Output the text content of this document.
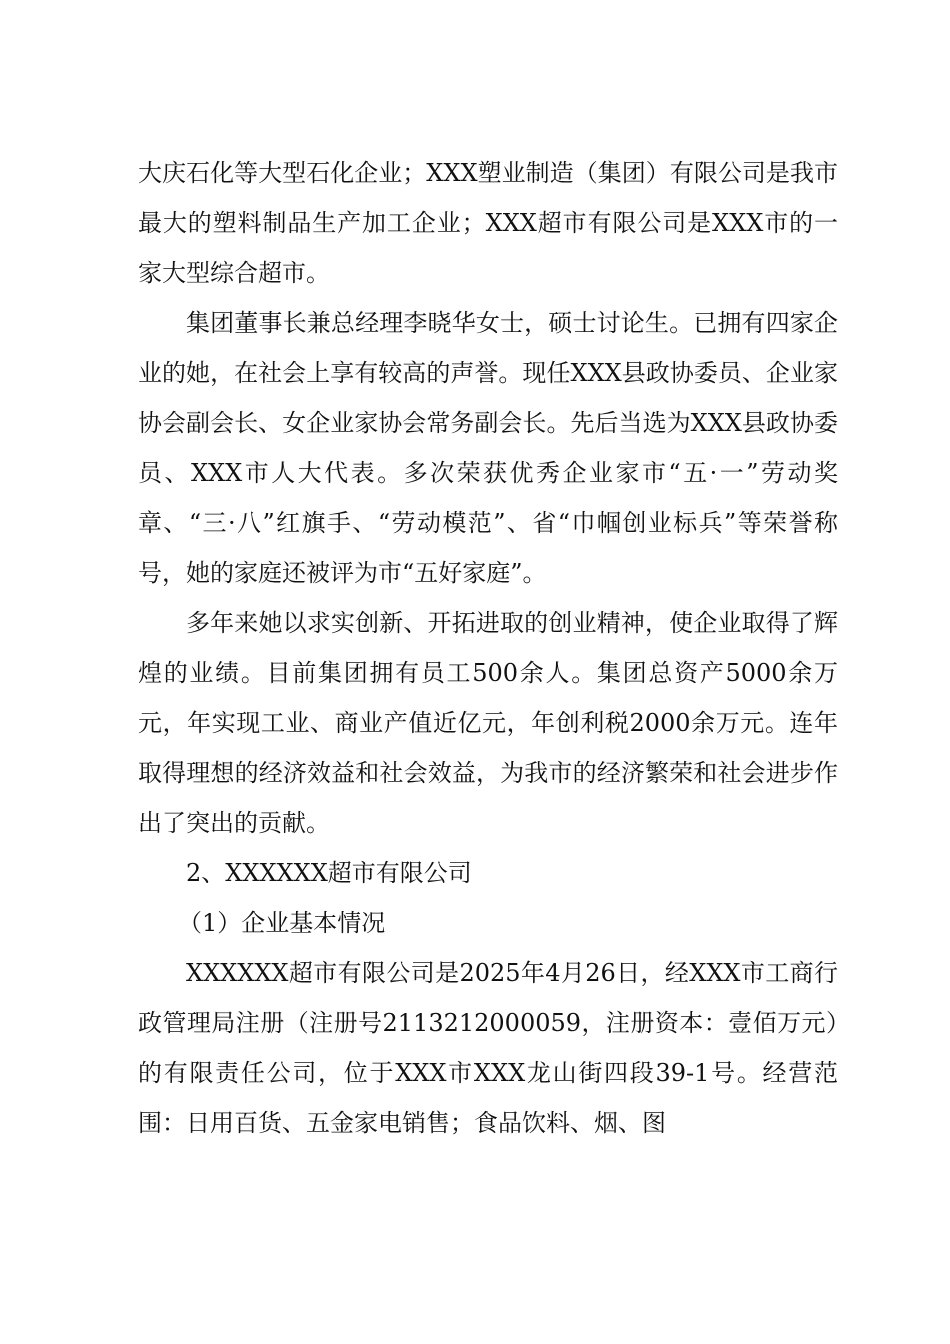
大庆石化等大型石化企业；XXX塑业制造（集团）有限公司是我市最大的塑料制品生产加工企业；XXX超市有限公司是XXX市的一家大型综合超市。

集团董事长兼总经理李晓华女士，硕士讨论生。已拥有四家企业的她，在社会上享有较高的声誉。现任XXX县政协委员、企业家协会副会长、女企业家协会常务副会长。先后当选为XXX县政协委员、XXX市人大代表。多次荣获优秀企业家市“五·一”劳动奖章、“三·八”红旗手、“劳动模范”、省“巾帼创业标兵”等荣誉称号，她的家庭还被评为市“五好家庭”。

多年来她以求实创新、开拓进取的创业精神，使企业取得了辉煌的业绩。目前集团拥有员工500余人。集团总资产5000余万元，年实现工业、商业产值近亿元，年创利税2000余万元。连年取得理想的经济效益和社会效益，为我市的经济繁荣和社会进步作出了突出的贡献。

2、XXXXXX超市有限公司

（1）企业基本情况

XXXXXX超市有限公司是2025年4月26日，经XXX市工商行政管理局注册（注册号2113212000059，注册资本：壹佰万元）的有限责任公司，位于XXX市XXX龙山街四段39-1号。经营范围：日用百货、五金家电销售；食品饮料、烟、图
